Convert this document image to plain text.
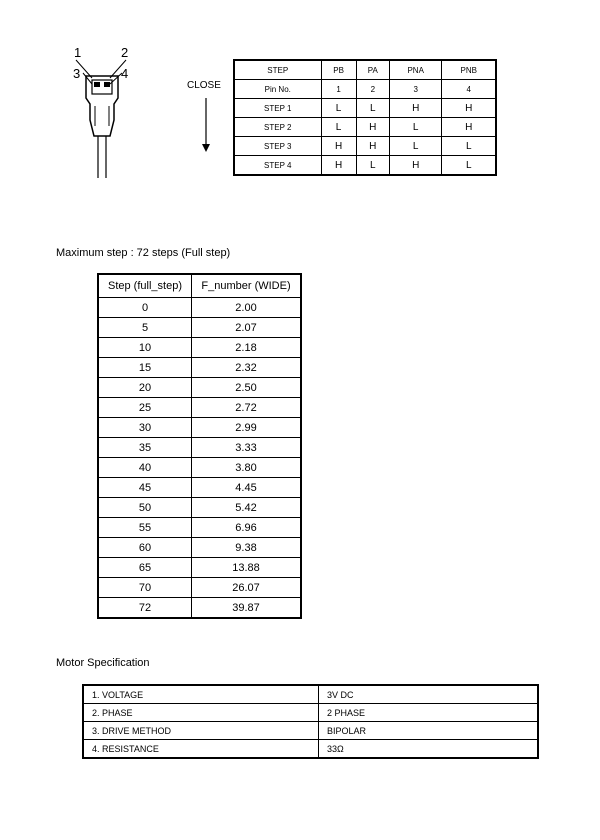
1	2
3	4
CLOSE
STEP	PB	PA	PNA	PNB
Pin No.	1	2	3	4
STEP 1	L	L	H	H
STEP 2	L	H	L	H
STEP 3	H	H	L	L
STEP 4	H	L	H	L
Maximum step : 72 steps (Full step)
Step (full_step)	F_number (WIDE)
0	2.00
5	2.07
10	2.18
15	2.32
20	2.50
25	2.72
30	2.99
35	3.33
40	3.80
45	4.45
50	5.42
55	6.96
60	9.38
65	13.88
70	26.07
72	39.87
Motor Specification
1. VOLTAGE	3V DC
2. PHASE	2 PHASE
3. DRIVE METHOD	BIPOLAR
4. RESISTANCE	33Ω
